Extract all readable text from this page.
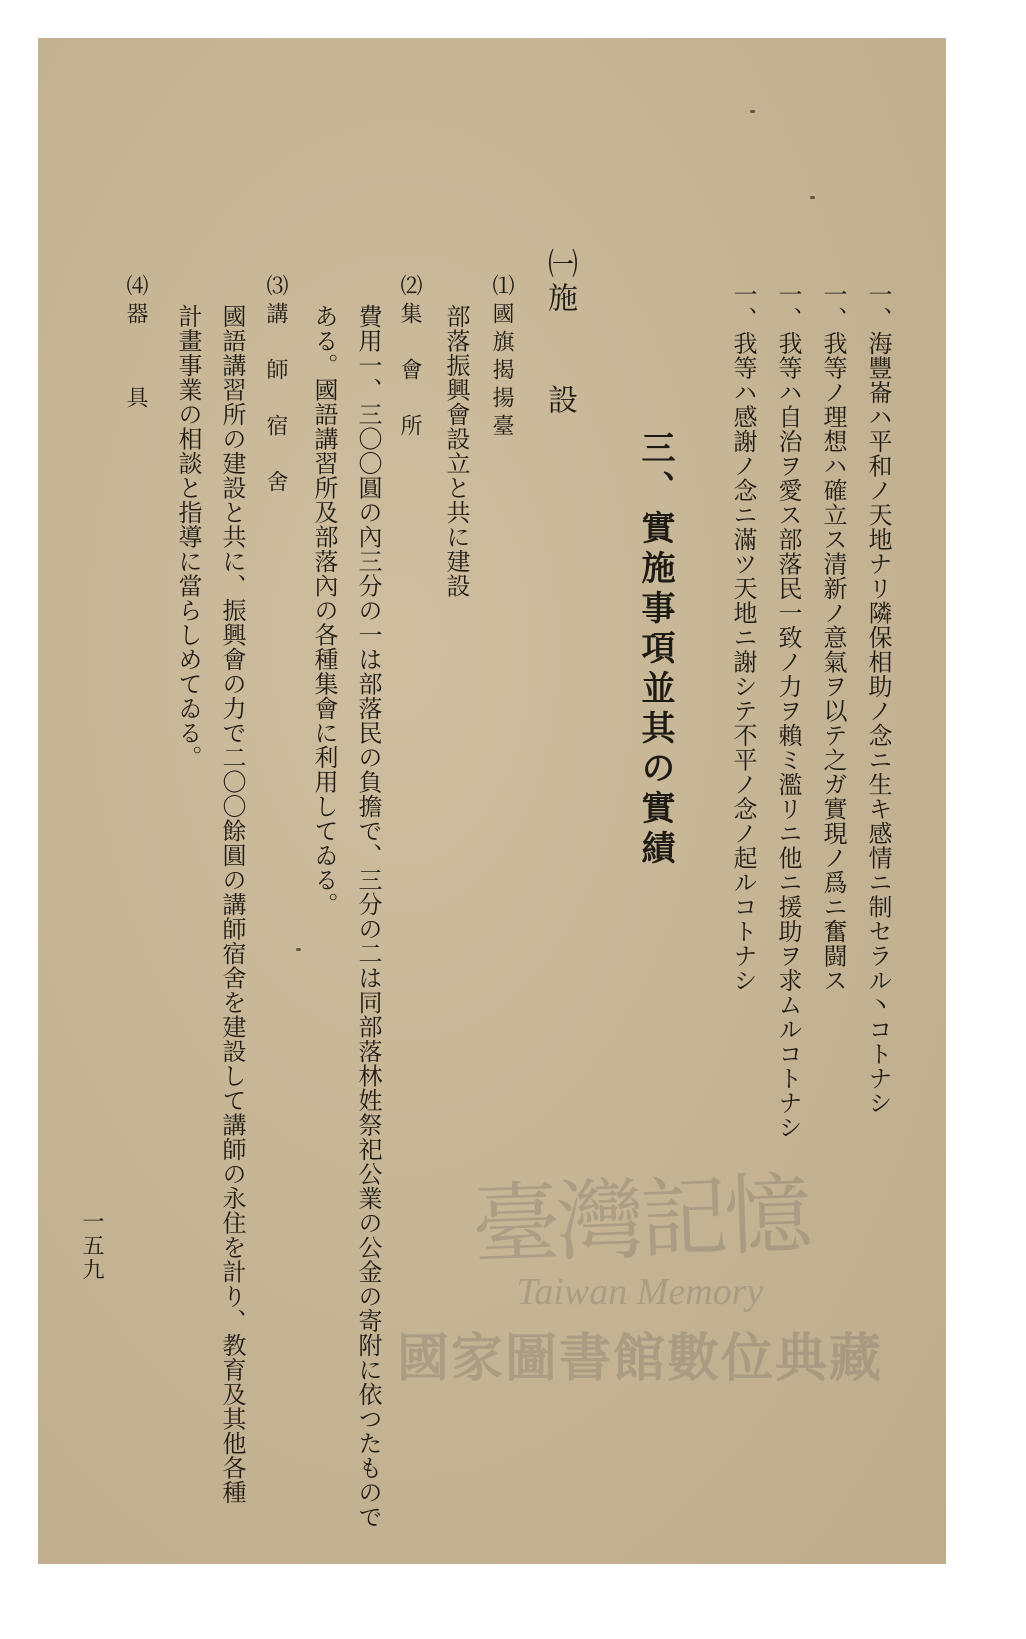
一、海豐崙ハ平和ノ天地ナリ隣保相助ノ念ニ生キ感情ニ制セラル丶コトナシ
一、我等ノ理想ハ確立ス清新ノ意氣ヲ以テ之ガ實現ノ爲ニ奮闘ス
一、我等ハ自治ヲ愛ス部落民一致ノ力ヲ賴ミ濫リニ他ニ援助ヲ求ムルコトナシ
一、我等ハ感謝ノ念ニ滿ツ天地ニ謝シテ不平ノ念ノ起ルコトナシ
三、實施事項並其の實績
㈠施　　設
⑴國旗揭揚臺
部落振興會設立と共に建設
⑵集　會　所
費用一、三〇〇圓の內三分の一は部落民の負擔で、三分の二は同部落林姓祭祀公業の公金の寄附に依つたもので
ある。國語講習所及部落內の各種集會に利用してゐる。
⑶講　師　宿　舍
國語講習所の建設と共に、振興會の力で二〇〇餘圓の講師宿舍を建設して講師の永住を計り、教育及其他各種
計畫事業の相談と指導に當らしめてゐる。
⑷器　　具
一五九	臺灣記憶
Taiwan Memory
國家圖書館數位典藏
